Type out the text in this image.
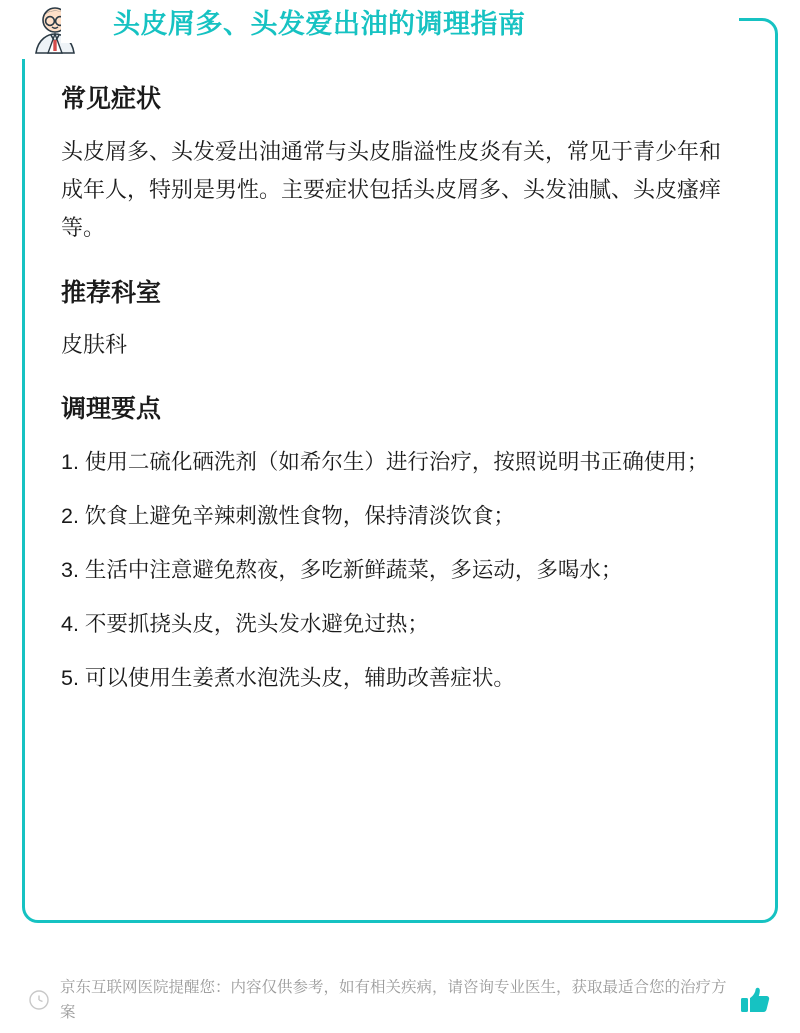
头皮屑多、头发爱出油的调理指南
常见症状

头皮屑多、头发爱出油通常与头皮脂溢性皮炎有关，常见于青少年和成年人，特别是男性。主要症状包括头皮屑多、头发油腻、头皮瘙痒等。

推荐科室

皮肤科

调理要点
1. 使用二硫化硒洗剂（如希尔生）进行治疗，按照说明书正确使用；
2. 饮食上避免辛辣刺激性食物，保持清淡饮食；
3. 生活中注意避免熬夜，多吃新鲜蔬菜，多运动，多喝水；
4. 不要抓挠头皮，洗头发水避免过热；
5. 可以使用生姜煮水泡洗头皮，辅助改善症状。
京东互联网医院提醒您：内容仅供参考，如有相关疾病，请咨询专业医生，获取最适合您的治疗方案
